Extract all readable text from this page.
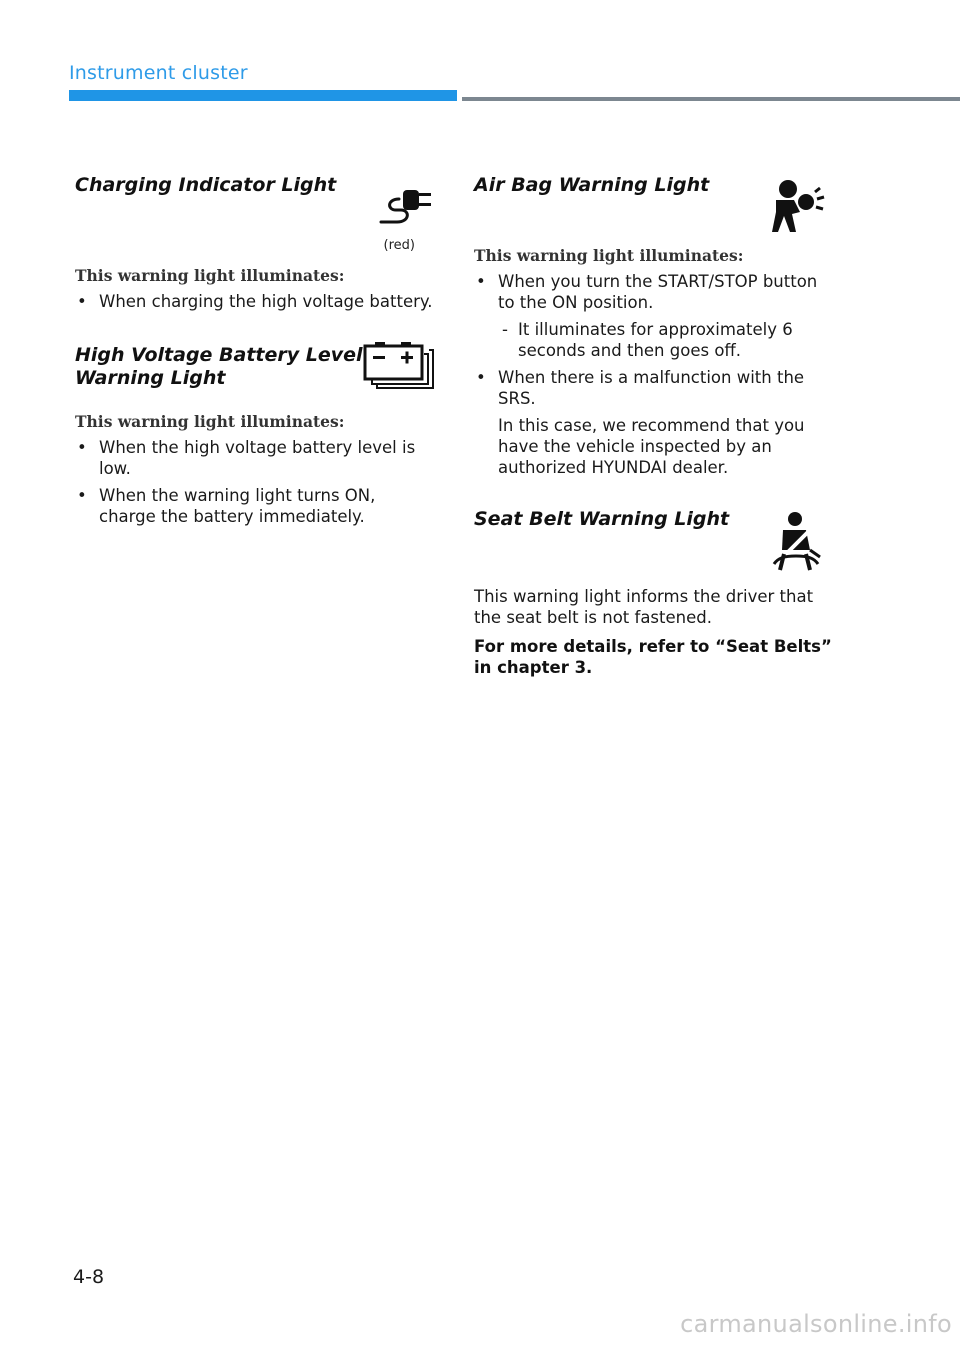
Instrument cluster

Charging Indicator Light

(red)

This warning light illuminates:

• When charging the high voltage battery.

High Voltage Battery Level
Warning Light

This warning light illuminates:

• When the high voltage battery level is low.
• When the warning light turns ON, charge the battery immediately.

Air Bag Warning Light

This warning light illuminates:

• When you turn the START/STOP button to the ON position.
- It illuminates for approximately 6 seconds and then goes off.
• When there is a malfunction with the SRS.
In this case, we recommend that you have the vehicle inspected by an authorized HYUNDAI dealer.

Seat Belt Warning Light

This warning light informs the driver that the seat belt is not fastened.

For more details, refer to “Seat Belts” in chapter 3.

4-8
carmanualsonline.info
